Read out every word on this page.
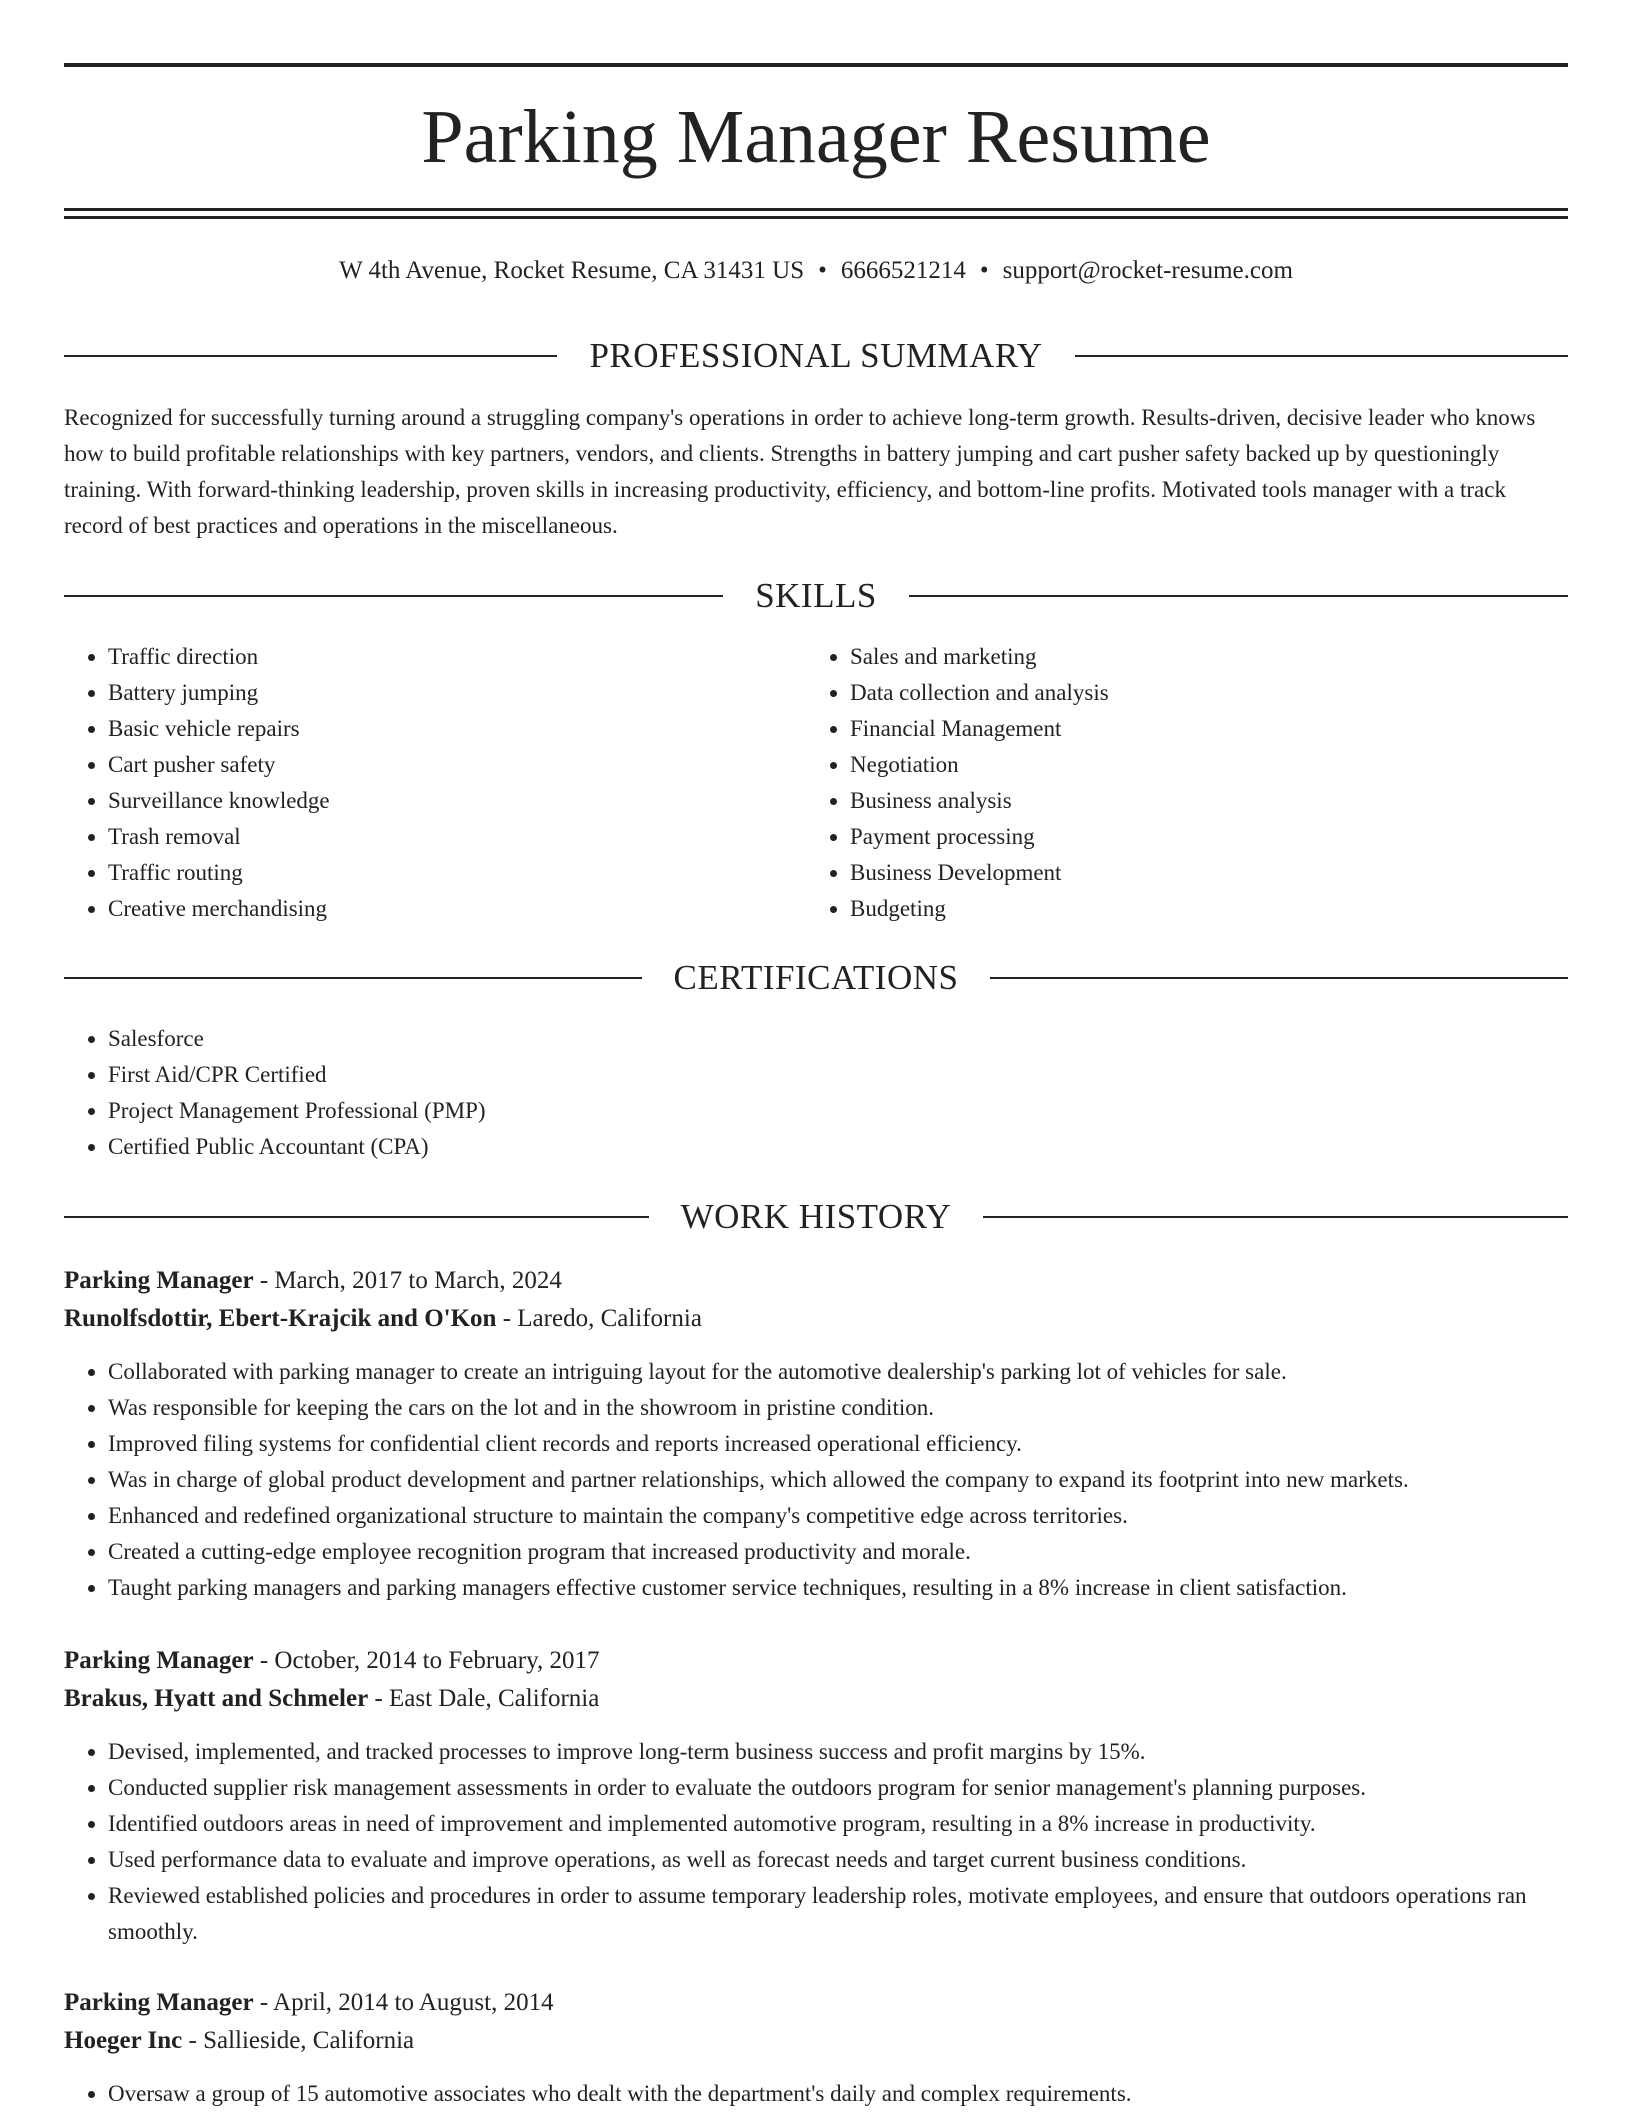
Parking Manager Resume
W 4th Avenue, Rocket Resume, CA 31431 US • 6666521214 • support@rocket-resume.com
PROFESSIONAL SUMMARY
Recognized for successfully turning around a struggling company's operations in order to achieve long-term growth. Results-driven, decisive leader who knows how to build profitable relationships with key partners, vendors, and clients. Strengths in battery jumping and cart pusher safety backed up by questioningly training. With forward-thinking leadership, proven skills in increasing productivity, efficiency, and bottom-line profits. Motivated tools manager with a track record of best practices and operations in the miscellaneous.
SKILLS
• Traffic direction
• Battery jumping
• Basic vehicle repairs
• Cart pusher safety
• Surveillance knowledge
• Trash removal
• Traffic routing
• Creative merchandising
• Sales and marketing
• Data collection and analysis
• Financial Management
• Negotiation
• Business analysis
• Payment processing
• Business Development
• Budgeting
CERTIFICATIONS
• Salesforce
• First Aid/CPR Certified
• Project Management Professional (PMP)
• Certified Public Accountant (CPA)
WORK HISTORY
Parking Manager - March, 2017 to March, 2024
Runolfsdottir, Ebert-Krajcik and O'Kon - Laredo, California
• Collaborated with parking manager to create an intriguing layout for the automotive dealership's parking lot of vehicles for sale.
• Was responsible for keeping the cars on the lot and in the showroom in pristine condition.
• Improved filing systems for confidential client records and reports increased operational efficiency.
• Was in charge of global product development and partner relationships, which allowed the company to expand its footprint into new markets.
• Enhanced and redefined organizational structure to maintain the company's competitive edge across territories.
• Created a cutting-edge employee recognition program that increased productivity and morale.
• Taught parking managers and parking managers effective customer service techniques, resulting in a 8% increase in client satisfaction.
Parking Manager - October, 2014 to February, 2017
Brakus, Hyatt and Schmeler - East Dale, California
• Devised, implemented, and tracked processes to improve long-term business success and profit margins by 15%.
• Conducted supplier risk management assessments in order to evaluate the outdoors program for senior management's planning purposes.
• Identified outdoors areas in need of improvement and implemented automotive program, resulting in a 8% increase in productivity.
• Used performance data to evaluate and improve operations, as well as forecast needs and target current business conditions.
• Reviewed established policies and procedures in order to assume temporary leadership roles, motivate employees, and ensure that outdoors operations ran smoothly.
Parking Manager - April, 2014 to August, 2014
Hoeger Inc - Sallieside, California
• Oversaw a group of 15 automotive associates who dealt with the department's daily and complex requirements.
